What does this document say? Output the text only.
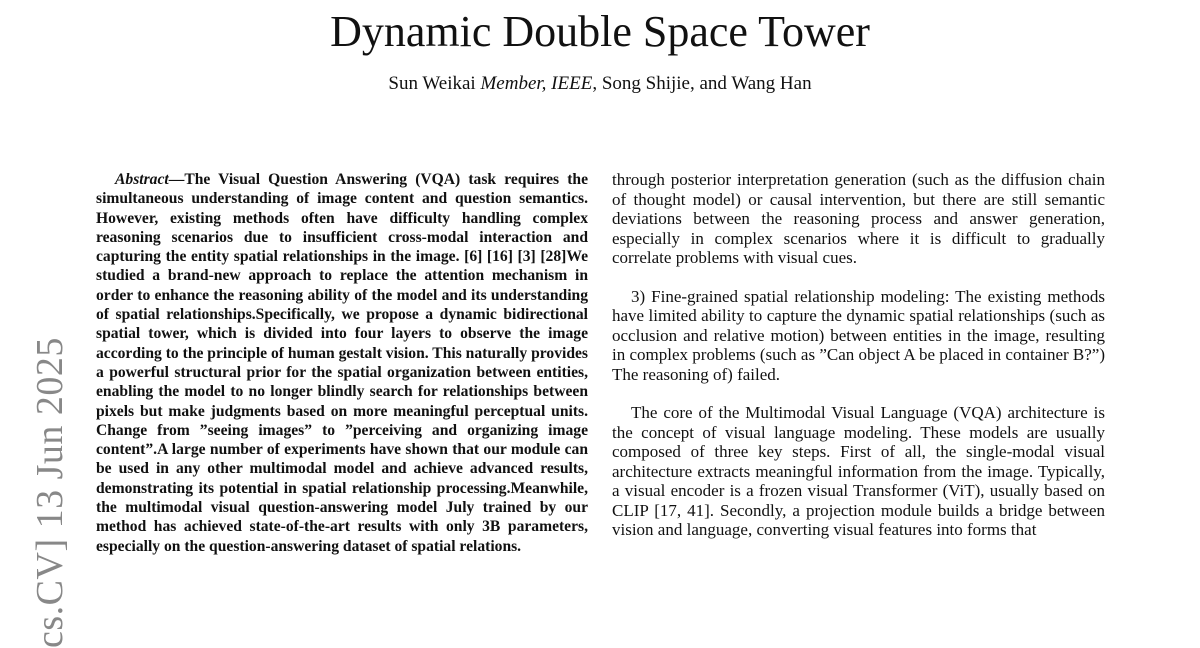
Dynamic Double Space Tower
Sun Weikai Member, IEEE, Song Shijie, and Wang Han
cs.CV] 13 Jun 2025

Abstract—The Visual Question Answering (VQA) task requires the simultaneous understanding of image content and question semantics. However, existing methods often have difficulty handling complex reasoning scenarios due to insufficient cross-modal interaction and capturing the entity spatial relationships in the image. [6] [16] [3] [28]We studied a brand-new approach to replace the attention mechanism in order to enhance the reasoning ability of the model and its understanding of spatial relationships.Specifically, we propose a dynamic bidirectional spatial tower, which is divided into four layers to observe the image according to the principle of human gestalt vision. This naturally provides a powerful structural prior for the spatial organization between entities, enabling the model to no longer blindly search for relationships between pixels but make judgments based on more meaningful perceptual units. Change from ”seeing images” to ”perceiving and organizing image content”.A large number of experiments have shown that our module can be used in any other multimodal model and achieve advanced results, demonstrating its potential in spatial relationship processing.Meanwhile, the multimodal visual question-answering model July trained by our method has achieved state-of-the-art results with only 3B parameters, especially on the question-answering dataset of spatial relations.

through posterior interpretation generation (such as the diffusion chain of thought model) or causal intervention, but there are still semantic deviations between the reasoning process and answer generation, especially in complex scenarios where it is difficult to gradually correlate problems with visual cues.

3) Fine-grained spatial relationship modeling: The existing methods have limited ability to capture the dynamic spatial relationships (such as occlusion and relative motion) between entities in the image, resulting in complex problems (such as ”Can object A be placed in container B?”) The reasoning of) failed.

The core of the Multimodal Visual Language (VQA) architecture is the concept of visual language modeling. These models are usually composed of three key steps. First of all, the single-modal visual architecture extracts meaningful information from the image. Typically, a visual encoder is a frozen visual Transformer (ViT), usually based on CLIP [17, 41]. Secondly, a projection module builds a bridge between vision and language, converting visual features into forms that
